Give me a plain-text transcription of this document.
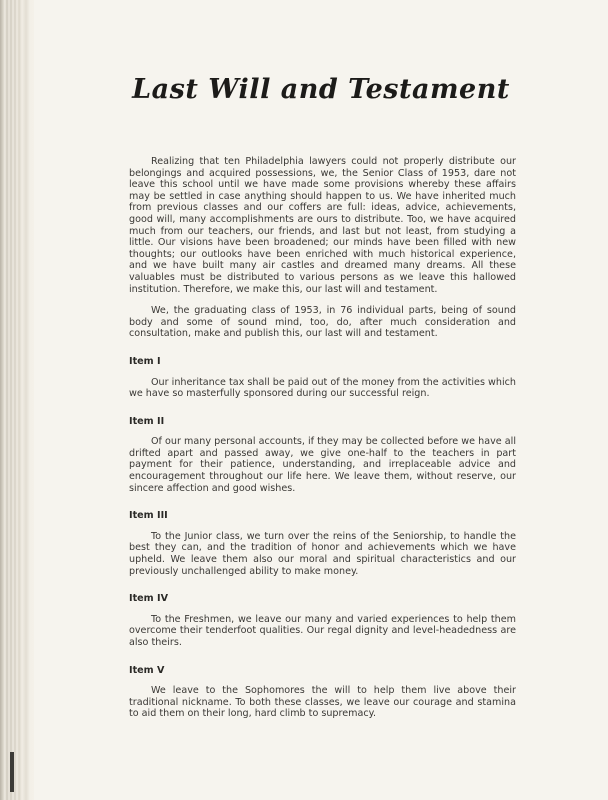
Last Will and Testament

Realizing that ten Philadelphia lawyers could not properly distribute our belongings and acquired possessions, we, the Senior Class of 1953, dare not leave this school until we have made some provisions whereby these affairs may be settled in case anything should happen to us. We have inherited much from previous classes and our coffers are full: ideas, advice, achievements, good will, many accomplishments are ours to distribute. Too, we have acquired much from our teachers, our friends, and last but not least, from studying a little. Our visions have been broadened; our minds have been filled with new thoughts; our outlooks have been enriched with much historical experience, and we have built many air castles and dreamed many dreams. All these valuables must be distributed to various persons as we leave this hallowed institution. Therefore, we make this, our last will and testament.

We, the graduating class of 1953, in 76 individual parts, being of sound body and some of sound mind, too, do, after much consideration and consultation, make and publish this, our last will and testament.

Item I

Our inheritance tax shall be paid out of the money from the activities which we have so masterfully sponsored during our successful reign.

Item II

Of our many personal accounts, if they may be collected before we have all drifted apart and passed away, we give one-half to the teachers in part payment for their patience, understanding, and irreplaceable advice and encouragement throughout our life here. We leave them, without reserve, our sincere affection and good wishes.

Item III

To the Junior class, we turn over the reins of the Seniorship, to handle the best they can, and the tradition of honor and achievements which we have upheld. We leave them also our moral and spiritual characteristics and our previously unchallenged ability to make money.

Item IV

To the Freshmen, we leave our many and varied experiences to help them overcome their tenderfoot qualities. Our regal dignity and level-headedness are also theirs.

Item V

We leave to the Sophomores the will to help them live above their traditional nickname. To both these classes, we leave our courage and stamina to aid them on their long, hard climb to supremacy.
